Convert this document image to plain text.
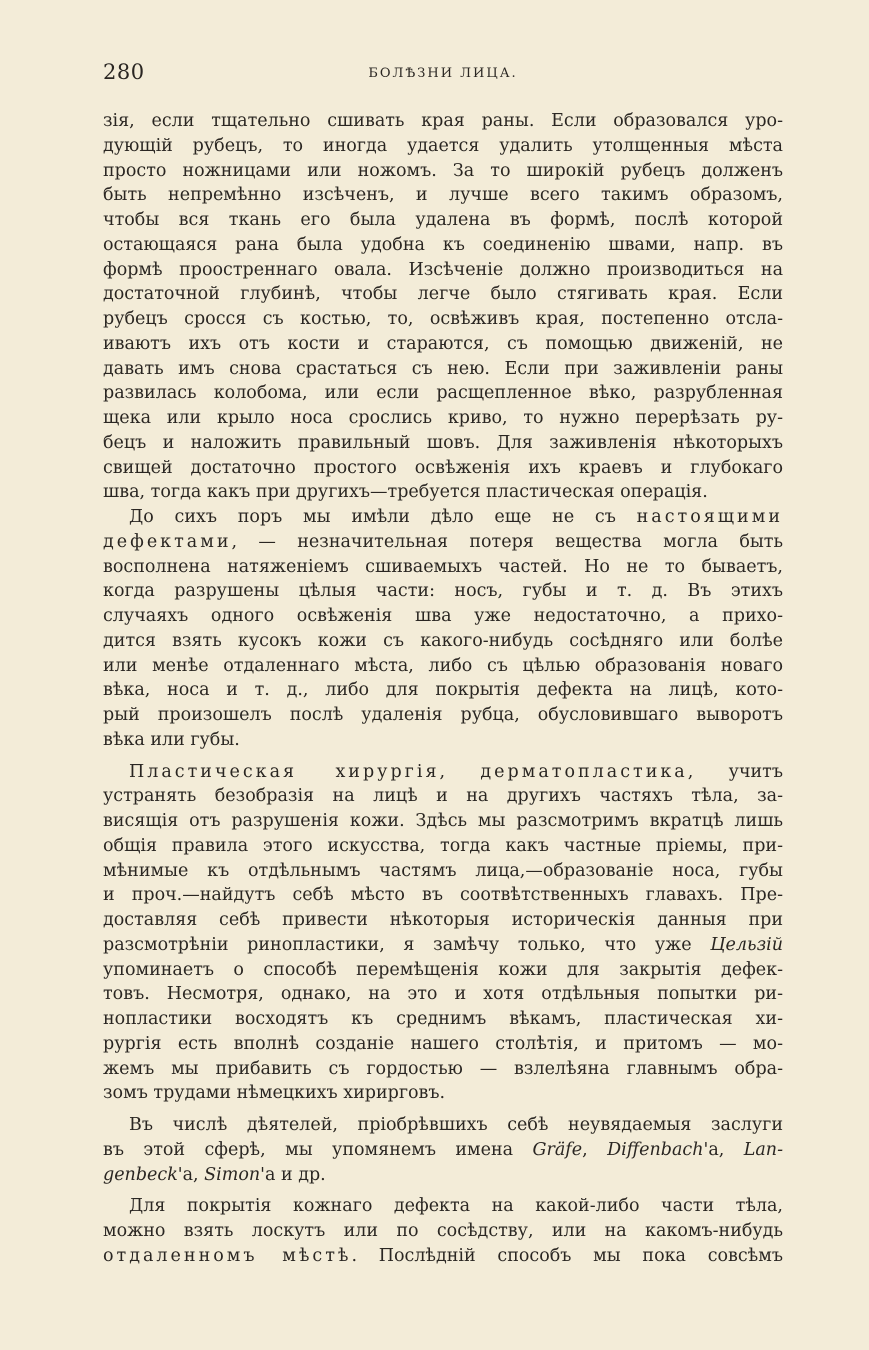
280	БОЛѢЗНИ ЛИЦА.
зія, если тщательно сшивать края раны. Если образовался уро-
дующій рубецъ, то иногда удается удалить утолщенныя мѣста
просто ножницами или ножомъ. За то широкій рубецъ долженъ
быть непремѣнно изсѣченъ, и лучше всего такимъ образомъ,
чтобы вся ткань его была удалена въ формѣ, послѣ которой
остающаяся рана была удобна къ соединенію швами, напр. въ
формѣ проостреннаго овала. Изсѣченіе должно производиться на
достаточной глубинѣ, чтобы легче было стягивать края. Если
рубецъ сросся съ костью, то, освѣживъ края, постепенно отсла-
иваютъ ихъ отъ кости и стараются, съ помощью движеній, не
давать имъ снова срастаться съ нею. Если при заживленіи раны
развилась колобома, или если расщепленное вѣко, разрубленная
щека или крыло носа срослись криво, то нужно перерѣзать ру-
бецъ и наложить правильный шовъ. Для заживленія нѣкоторыхъ
свищей достаточно простого освѣженія ихъ краевъ и глубокаго
шва, тогда какъ при другихъ—требуется пластическая операція.
До сихъ поръ мы имѣли дѣло еще не съ настоящими
дефектами, — незначительная потеря вещества могла быть
восполнена натяженіемъ сшиваемыхъ частей. Но не то бываетъ,
когда разрушены цѣлыя части: носъ, губы и т. д. Въ этихъ
случаяхъ одного освѣженія шва уже недостаточно, а прихо-
дится взять кусокъ кожи съ какого-нибудь сосѣдняго или болѣе
или менѣе отдаленнаго мѣста, либо съ цѣлью образованія новаго
вѣка, носа и т. д., либо для покрытія дефекта на лицѣ, кото-
рый произошелъ послѣ удаленія рубца, обусловившаго выворотъ
вѣка или губы.
Пластическая хирургія, дерматопластика, учитъ
устранять безобразія на лицѣ и на другихъ частяхъ тѣла, за-
висящія отъ разрушенія кожи. Здѣсь мы разсмотримъ вкратцѣ лишь
общія правила этого искусства, тогда какъ частные пріемы, при-
мѣнимые къ отдѣльнымъ частямъ лица,—образованіе носа, губы
и проч.—найдутъ себѣ мѣсто въ соотвѣтственныхъ главахъ. Пре-
доставляя себѣ привести нѣкоторыя историческія данныя при
разсмотрѣніи ринопластики, я замѣчу только, что уже Цельзій
упоминаетъ о способѣ перемѣщенія кожи для закрытія дефек-
товъ. Несмотря, однако, на это и хотя отдѣльныя попытки ри-
нопластики восходятъ къ среднимъ вѣкамъ, пластическая хи-
рургія есть вполнѣ созданіе нашего столѣтія, и притомъ — мо-
жемъ мы прибавить съ гордостью — взлелѣяна главнымъ обра-
зомъ трудами нѣмецкихъ хирирговъ.
Въ числѣ дѣятелей, пріобрѣвшихъ себѣ неувядаемыя заслуги
въ этой сферѣ, мы упомянемъ имена Gräfe, Diffenbach'а, Lan-
genbeck'а, Simon'а и др.
Для покрытія кожнаго дефекта на какой-либо части тѣла,
можно взять лоскутъ или по сосѣдству, или на какомъ-нибудь
отдаленномъ мѣстѣ. Послѣдній способъ мы пока совсѣмъ
